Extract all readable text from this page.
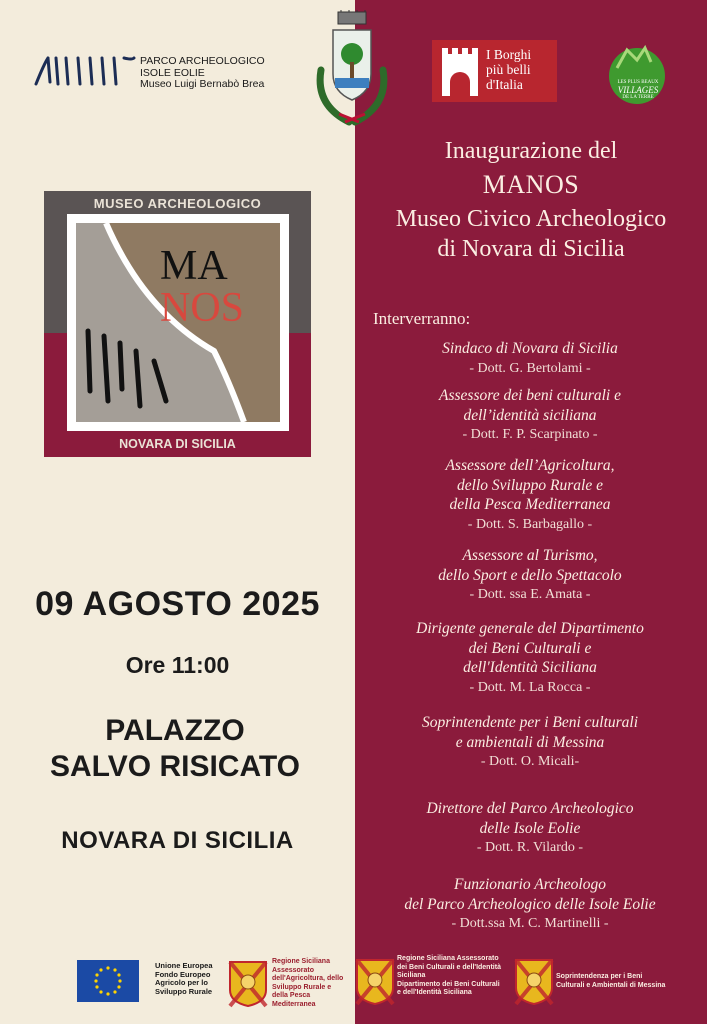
PARCO ARCHEOLOGICO
ISOLE EOLIE
Museo Luigi Bernabò Brea
I Borghi
più belli
d'Italia	LES PLUS BEAUX
VILLAGES
DE LA TERRE
MUSEO ARCHEOLOGICO
MA
NOS
NOVARA DI SICILIA
09 AGOSTO 2025
Ore 11:00
PALAZZO
SALVO RISICATO
NOVARA DI SICILIA
Inaugurazione del
MANOS
Museo Civico Archeologico
di Novara di Sicilia
Interverranno:
Sindaco di Novara di Sicilia
- Dott. G. Bertolami -
Assessore dei beni culturali e
dell’identità siciliana
- Dott. F. P. Scarpinato -
Assessore dell’Agricoltura,
dello Sviluppo Rurale e
della Pesca Mediterranea
- Dott. S. Barbagallo -
Assessore al Turismo,
dello Sport e dello Spettacolo
- Dott. ssa E. Amata -
Dirigente generale del Dipartimento
dei Beni Culturali e
dell'Identità Siciliana
- Dott. M. La Rocca -
Soprintendente per i Beni culturali
e ambientali di Messina
- Dott. O. Micali-
Direttore del Parco Archeologico
delle Isole Eolie
- Dott. R. Vilardo -
Funzionario Archeologo
del Parco Archeologico delle Isole Eolie
- Dott.ssa M. C. Martinelli -
Unione Europea
Fondo Europeo
Agricolo per lo
Sviluppo Rurale
Regione Siciliana
Assessorato
dell'Agricoltura, dello
Sviluppo Rurale e
della Pesca
Mediterranea
Regione Siciliana Assessorato
dei Beni Culturali e dell'Identità
Siciliana
Dipartimento dei Beni Culturali
e dell'Identità Siciliana
Soprintendenza per i Beni
Culturali e Ambientali di Messina
